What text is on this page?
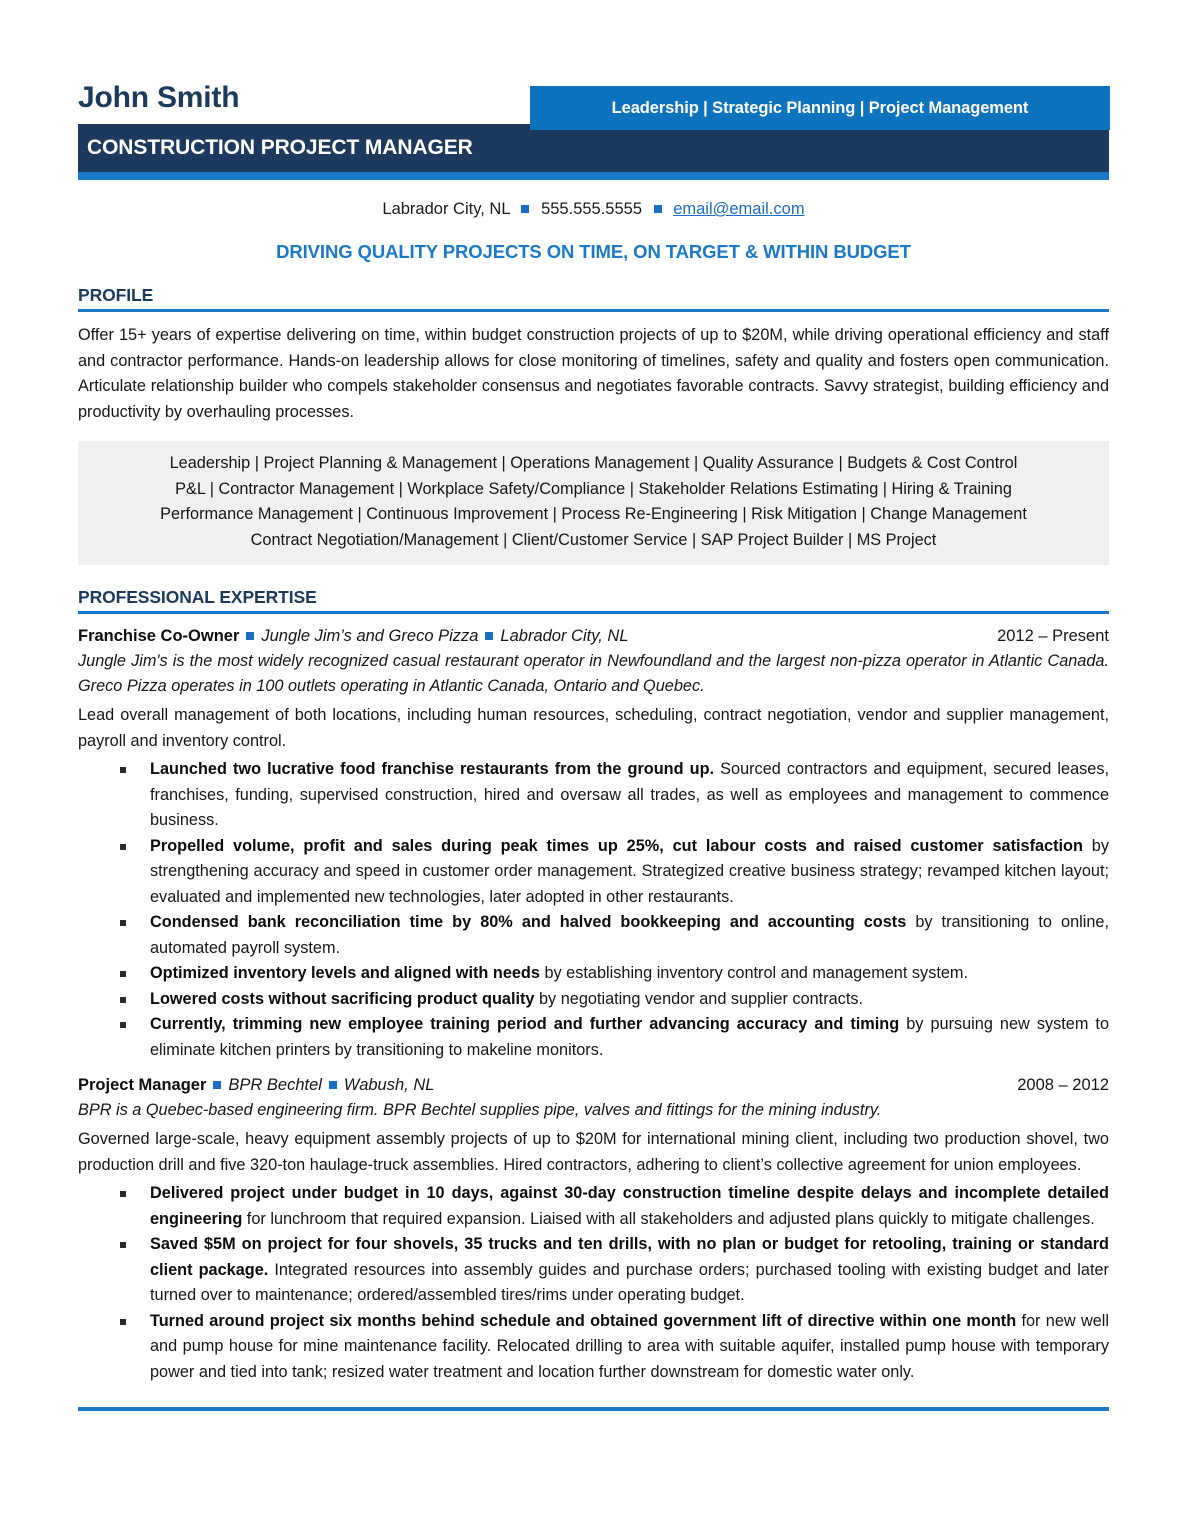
John Smith	Leadership | Strategic Planning | Project Management
CONSTRUCTION PROJECT MANAGER
Labrador City, NL 555.555.5555 email@email.com
DRIVING QUALITY PROJECTS ON TIME, ON TARGET & WITHIN BUDGET
PROFILE
Offer 15+ years of expertise delivering on time, within budget construction projects of up to $20M, while driving operational efficiency and staff and contractor performance. Hands-on leadership allows for close monitoring of timelines, safety and quality and fosters open communication. Articulate relationship builder who compels stakeholder consensus and negotiates favorable contracts. Savvy strategist, building efficiency and productivity by overhauling processes.
Leadership | Project Planning & Management | Operations Management | Quality Assurance | Budgets & Cost Control
P&L | Contractor Management | Workplace Safety/Compliance | Stakeholder Relations Estimating | Hiring & Training
Performance Management | Continuous Improvement | Process Re-Engineering | Risk Mitigation | Change Management
Contract Negotiation/Management | Client/Customer Service | SAP Project Builder | MS Project
PROFESSIONAL EXPERTISE
Franchise Co-Owner Jungle Jim’s and Greco Pizza Labrador City, NL	2012 – Present
Jungle Jim's is the most widely recognized casual restaurant operator in Newfoundland and the largest non-pizza operator in Atlantic Canada. Greco Pizza operates in 100 outlets operating in Atlantic Canada, Ontario and Quebec.
Lead overall management of both locations, including human resources, scheduling, contract negotiation, vendor and supplier management, payroll and inventory control.
Launched two lucrative food franchise restaurants from the ground up. Sourced contractors and equipment, secured leases, franchises, funding, supervised construction, hired and oversaw all trades, as well as employees and management to commence business.
Propelled volume, profit and sales during peak times up 25%, cut labour costs and raised customer satisfaction by strengthening accuracy and speed in customer order management. Strategized creative business strategy; revamped kitchen layout; evaluated and implemented new technologies, later adopted in other restaurants.
Condensed bank reconciliation time by 80% and halved bookkeeping and accounting costs by transitioning to online, automated payroll system.
Optimized inventory levels and aligned with needs by establishing inventory control and management system.
Lowered costs without sacrificing product quality by negotiating vendor and supplier contracts.
Currently, trimming new employee training period and further advancing accuracy and timing by pursuing new system to eliminate kitchen printers by transitioning to makeline monitors.
Project Manager BPR Bechtel Wabush, NL	2008 – 2012
BPR is a Quebec-based engineering firm. BPR Bechtel supplies pipe, valves and fittings for the mining industry.
Governed large-scale, heavy equipment assembly projects of up to $20M for international mining client, including two production shovel, two production drill and five 320-ton haulage-truck assemblies. Hired contractors, adhering to client’s collective agreement for union employees.
Delivered project under budget in 10 days, against 30-day construction timeline despite delays and incomplete detailed engineering for lunchroom that required expansion. Liaised with all stakeholders and adjusted plans quickly to mitigate challenges.
Saved $5M on project for four shovels, 35 trucks and ten drills, with no plan or budget for retooling, training or standard client package. Integrated resources into assembly guides and purchase orders; purchased tooling with existing budget and later turned over to maintenance; ordered/assembled tires/rims under operating budget.
Turned around project six months behind schedule and obtained government lift of directive within one month for new well and pump house for mine maintenance facility. Relocated drilling to area with suitable aquifer, installed pump house with temporary power and tied into tank; resized water treatment and location further downstream for domestic water only.
